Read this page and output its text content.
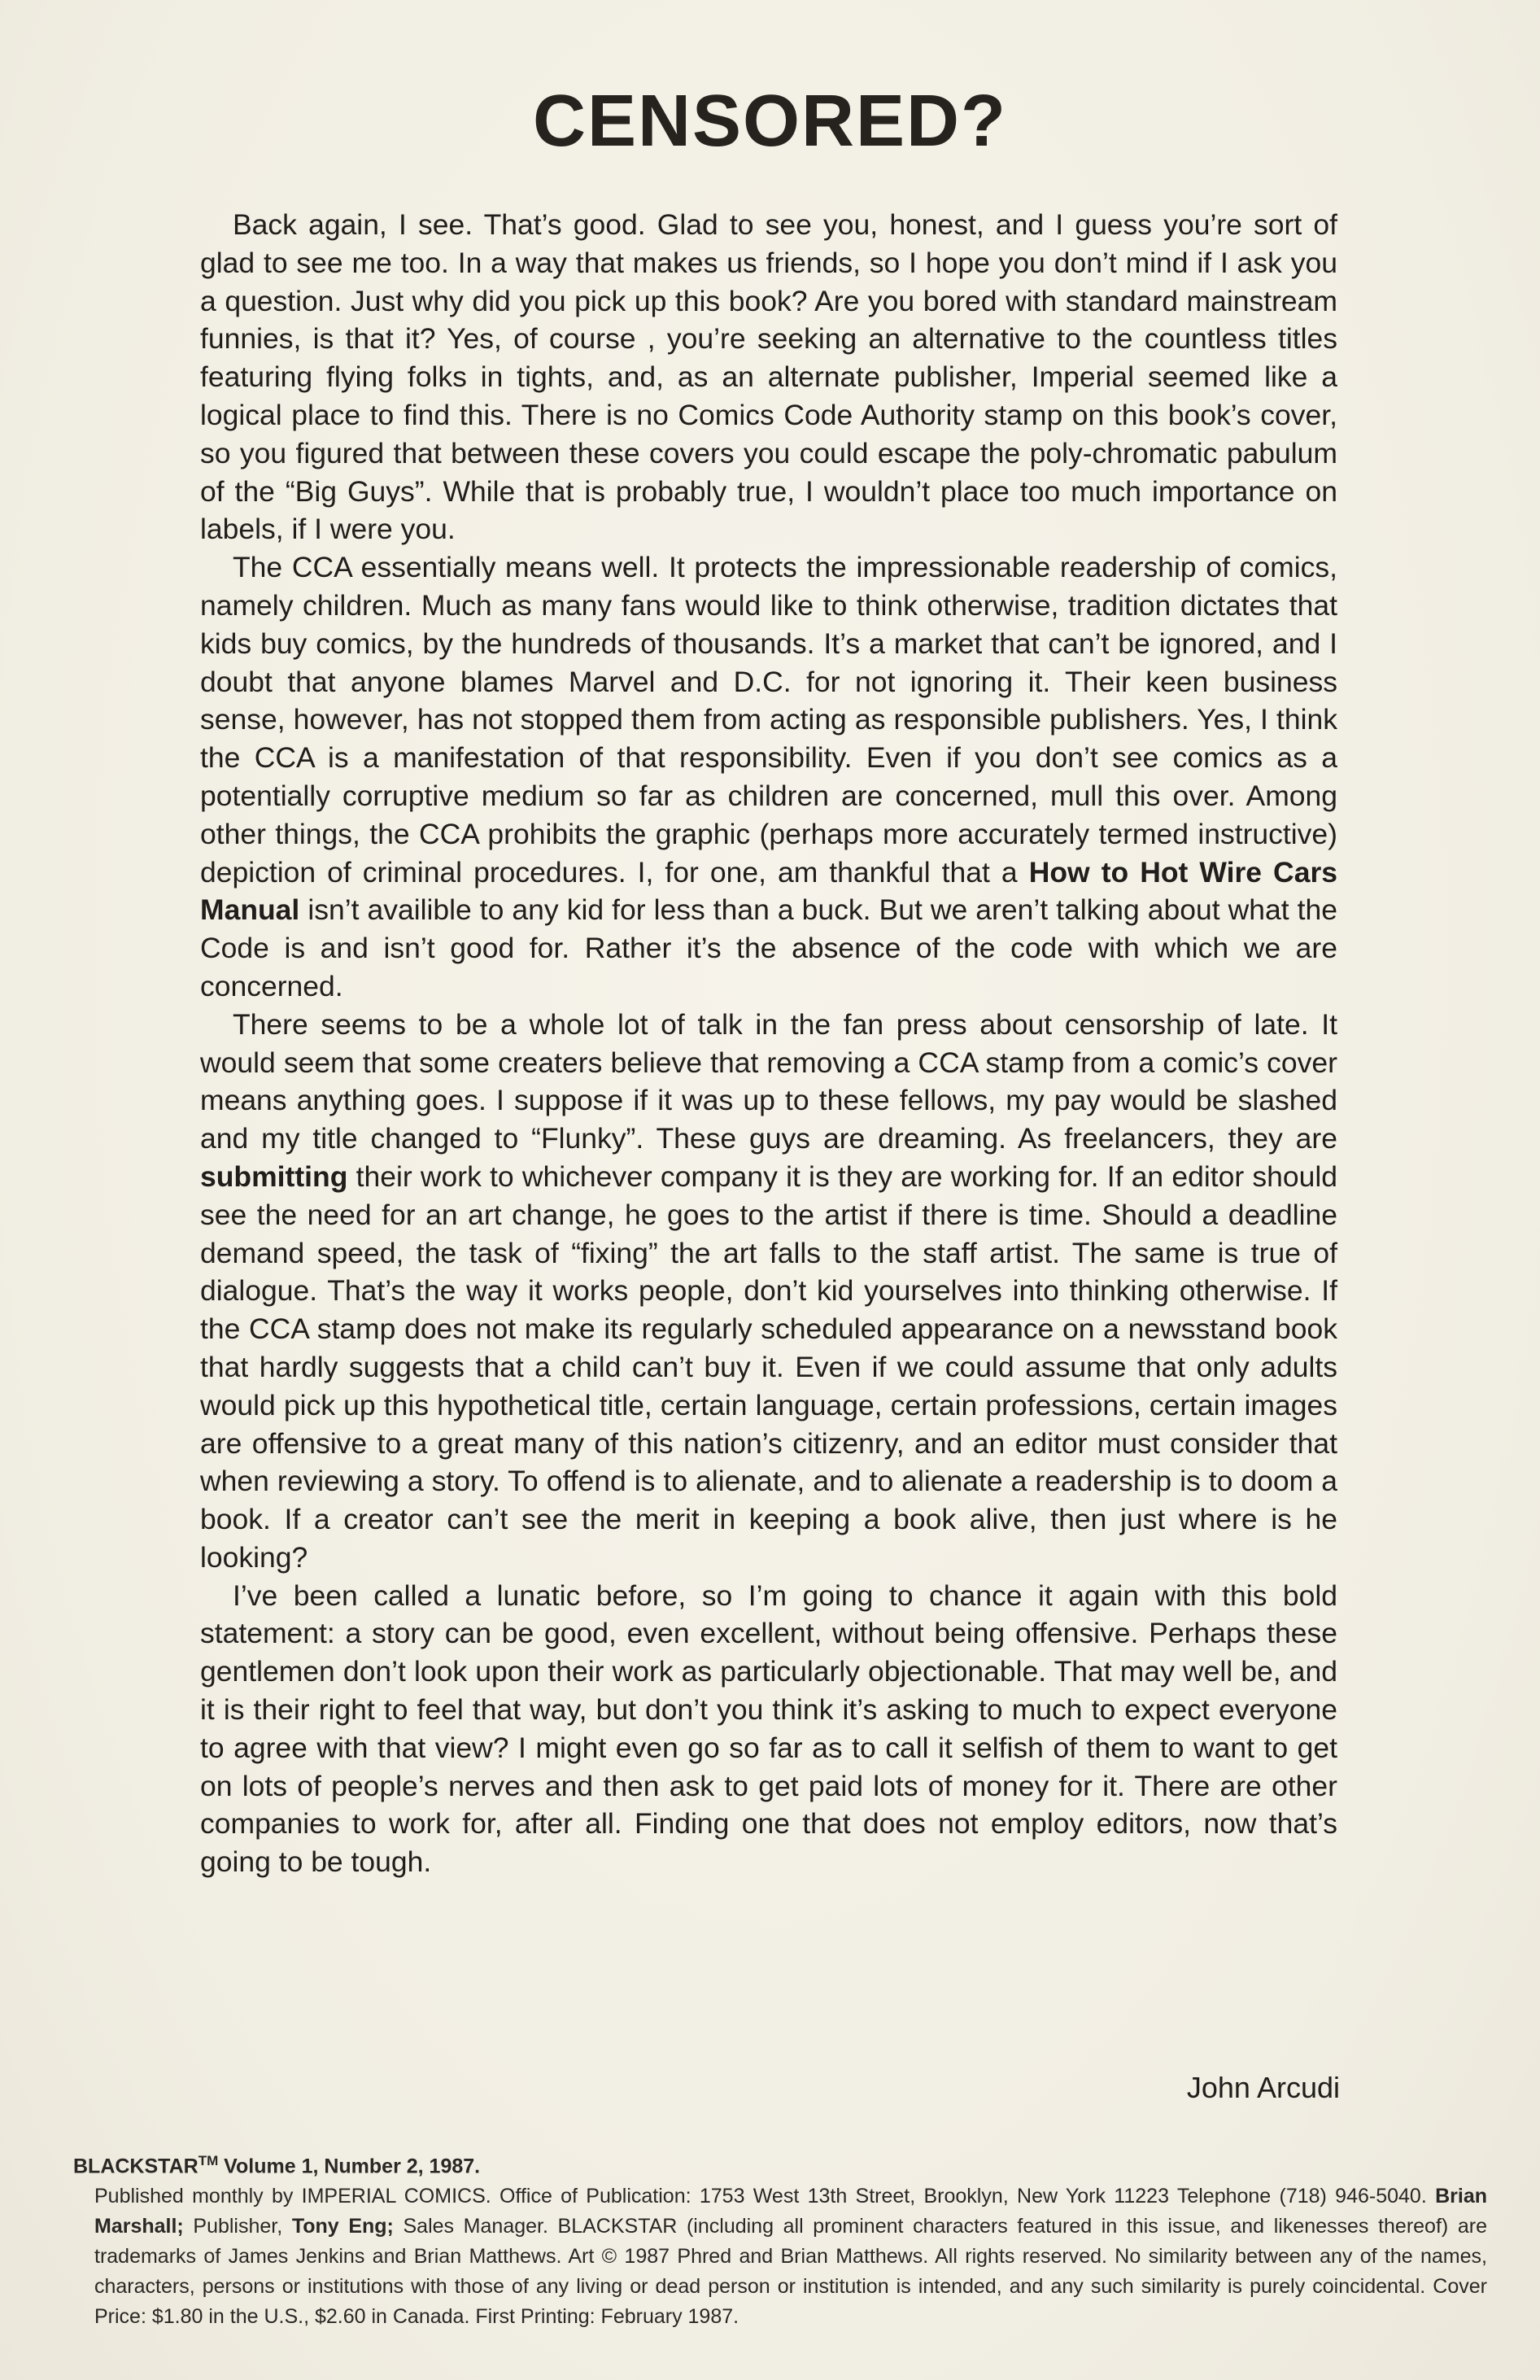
CENSORED?

Back again, I see. That’s good. Glad to see you, honest, and I guess you’re sort of glad to see me too. In a way that makes us friends, so I hope you don’t mind if I ask you a question. Just why did you pick up this book? Are you bored with standard mainstream funnies, is that it? Yes, of course , you’re seeking an alternative to the countless titles featuring flying folks in tights, and, as an alternate publisher, Imperial seemed like a logical place to find this. There is no Comics Code Authority stamp on this book’s cover, so you figured that between these covers you could escape the poly-chromatic pabulum of the “Big Guys”. While that is probably true, I wouldn’t place too much importance on labels, if I were you.

The CCA essentially means well. It protects the impressionable readership of comics, namely children. Much as many fans would like to think otherwise, tradition dictates that kids buy comics, by the hundreds of thousands. It’s a market that can’t be ignored, and I doubt that anyone blames Marvel and D.C. for not ignoring it. Their keen business sense, however, has not stopped them from acting as responsible publishers. Yes, I think the CCA is a manifestation of that responsibility. Even if you don’t see comics as a potentially corruptive medium so far as children are concerned, mull this over. Among other things, the CCA prohibits the graphic (perhaps more accurately termed instructive) depiction of criminal procedures. I, for one, am thankful that a How to Hot Wire Cars Manual isn’t availible to any kid for less than a buck. But we aren’t talking about what the Code is and isn’t good for. Rather it’s the absence of the code with which we are concerned.

There seems to be a whole lot of talk in the fan press about censorship of late. It would seem that some creaters believe that removing a CCA stamp from a comic’s cover means anything goes. I suppose if it was up to these fellows, my pay would be slashed and my title changed to “Flunky”. These guys are dreaming. As freelancers, they are submitting their work to whichever company it is they are working for. If an editor should see the need for an art change, he goes to the artist if there is time. Should a deadline demand speed, the task of “fixing” the art falls to the staff artist. The same is true of dialogue. That’s the way it works people, don’t kid yourselves into thinking otherwise. If the CCA stamp does not make its regularly scheduled appearance on a newsstand book that hardly suggests that a child can’t buy it. Even if we could assume that only adults would pick up this hypothetical title, certain language, certain professions, certain images are offensive to a great many of this nation’s citizenry, and an editor must consider that when reviewing a story. To offend is to alienate, and to alienate a readership is to doom a book. If a creator can’t see the merit in keeping a book alive, then just where is he looking?

I’ve been called a lunatic before, so I’m going to chance it again with this bold statement: a story can be good, even excellent, without being offensive. Perhaps these gentlemen don’t look upon their work as particularly objectionable. That may well be, and it is their right to feel that way, but don’t you think it’s asking to much to expect everyone to agree with that view? I might even go so far as to call it selfish of them to want to get on lots of people’s nerves and then ask to get paid lots of money for it. There are other companies to work for, after all. Finding one that does not employ editors, now that’s going to be tough.

John Arcudi

BLACKSTAR™ Volume 1, Number 2, 1987.

Published monthly by IMPERIAL COMICS. Office of Publication: 1753 West 13th Street, Brooklyn, New York 11223 Telephone (718) 946-5040. Brian Marshall; Publisher, Tony Eng; Sales Manager. BLACKSTAR (including all prominent characters featured in this issue, and likenesses thereof) are trademarks of James Jenkins and Brian Matthews. Art © 1987 Phred and Brian Matthews. All rights reserved. No similarity between any of the names, characters, persons or institutions with those of any living or dead person or institution is intended, and any such similarity is purely coincidental. Cover Price: $1.80 in the U.S., $2.60 in Canada. First Printing: February 1987.
